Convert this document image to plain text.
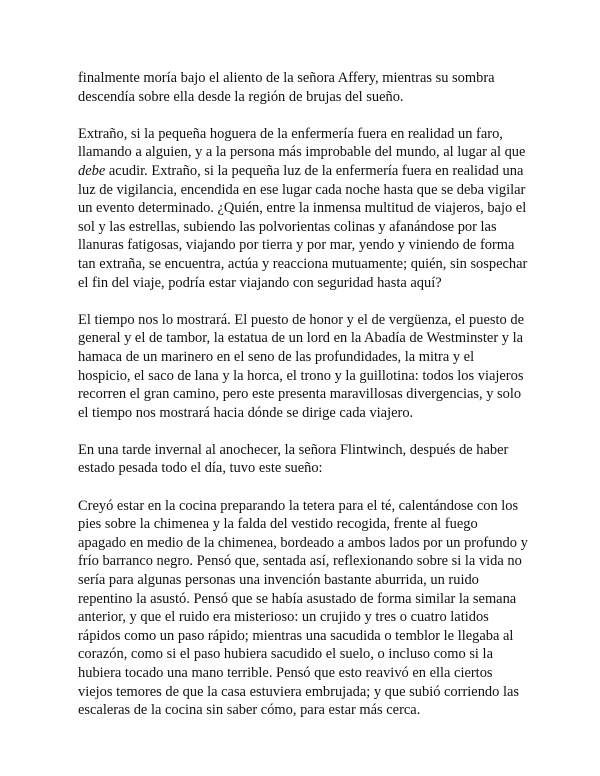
finalmente moría bajo el aliento de la señora Affery, mientras su sombra descendía sobre ella desde la región de brujas del sueño.

Extraño, si la pequeña hoguera de la enfermería fuera en realidad un faro, llamando a alguien, y a la persona más improbable del mundo, al lugar al que debe acudir. Extraño, si la pequeña luz de la enfermería fuera en realidad una luz de vigilancia, encendida en ese lugar cada noche hasta que se deba vigilar un evento determinado. ¿Quién, entre la inmensa multitud de viajeros, bajo el sol y las estrellas, subiendo las polvorientas colinas y afanándose por las llanuras fatigosas, viajando por tierra y por mar, yendo y viniendo de forma tan extraña, se encuentra, actúa y reacciona mutuamente; quién, sin sospechar el fin del viaje, podría estar viajando con seguridad hasta aquí?

El tiempo nos lo mostrará. El puesto de honor y el de vergüenza, el puesto de general y el de tambor, la estatua de un lord en la Abadía de Westminster y la hamaca de un marinero en el seno de las profundidades, la mitra y el hospicio, el saco de lana y la horca, el trono y la guillotina: todos los viajeros recorren el gran camino, pero este presenta maravillosas divergencias, y solo el tiempo nos mostrará hacia dónde se dirige cada viajero.

En una tarde invernal al anochecer, la señora Flintwinch, después de haber estado pesada todo el día, tuvo este sueño:

Creyó estar en la cocina preparando la tetera para el té, calentándose con los pies sobre la chimenea y la falda del vestido recogida, frente al fuego apagado en medio de la chimenea, bordeado a ambos lados por un profundo y frío barranco negro. Pensó que, sentada así, reflexionando sobre si la vida no sería para algunas personas una invención bastante aburrida, un ruido repentino la asustó. Pensó que se había asustado de forma similar la semana anterior, y que el ruido era misterioso: un crujido y tres o cuatro latidos rápidos como un paso rápido; mientras una sacudida o temblor le llegaba al corazón, como si el paso hubiera sacudido el suelo, o incluso como si la hubiera tocado una mano terrible. Pensó que esto reavivó en ella ciertos viejos temores de que la casa estuviera embrujada; y que subió corriendo las escaleras de la cocina sin saber cómo, para estar más cerca.
